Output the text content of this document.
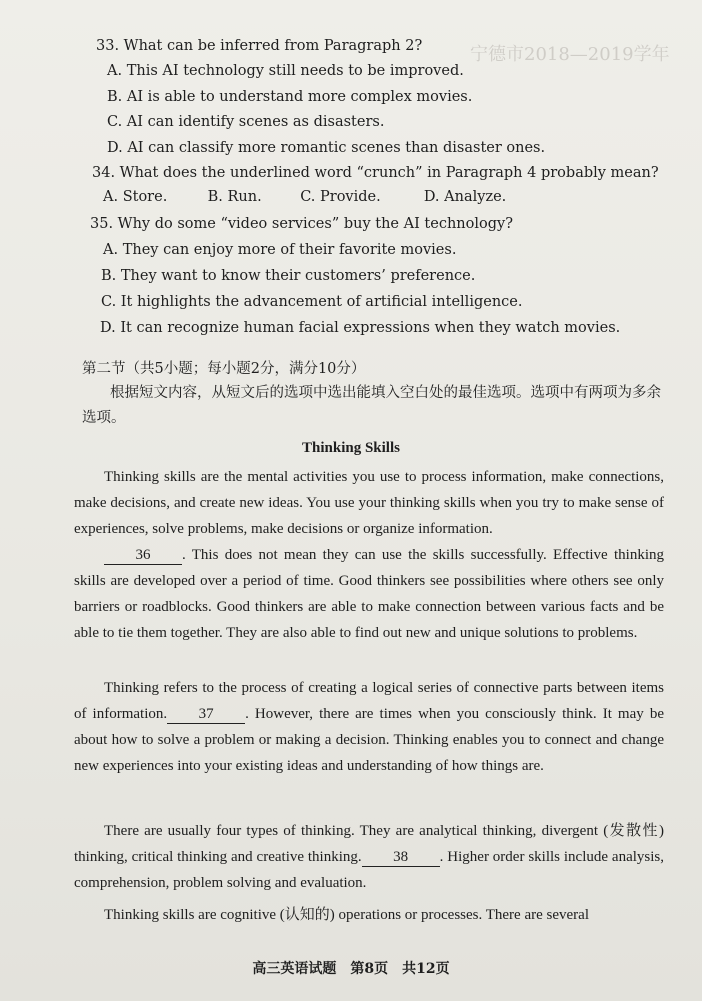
宁德市2018—2019学年
33. What can be inferred from Paragraph 2?
A. This AI technology still needs to be improved.
B. AI is able to understand more complex movies.
C. AI can identify scenes as disasters.
D. AI can classify more romantic scenes than disaster ones.
34. What does the underlined word “crunch” in Paragraph 4 probably mean?
A. Store.	B. Run.	C. Provide.	D. Analyze.
35. Why do some “video services” buy the AI technology?
A. They can enjoy more of their favorite movies.
B. They want to know their customers’ preference.
C. It highlights the advancement of artificial intelligence.
D. It can recognize human facial expressions when they watch movies.
第二节（共5小题；每小题2分，满分10分）
根据短文内容，从短文后的选项中选出能填入空白处的最佳选项。选项中有两项为多余选项。
Thinking Skills
Thinking skills are the mental activities you use to process information, make connections, make decisions, and create new ideas. You use your thinking skills when you try to make sense of experiences, solve problems, make decisions or organize information.
36 . This does not mean they can use the skills successfully. Effective thinking skills are developed over a period of time. Good thinkers see possibilities where others see only barriers or roadblocks. Good thinkers are able to make connection between various facts and be able to tie them together. They are also able to find out new and unique solutions to problems.
Thinking refers to the process of creating a logical series of connective parts between items of information. 37 . However, there are times when you consciously think. It may be about how to solve a problem or making a decision. Thinking enables you to connect and change new experiences into your existing ideas and understanding of how things are.
There are usually four types of thinking. They are analytical thinking, divergent (发散性) thinking, critical thinking and creative thinking. 38 . Higher order skills include analysis, comprehension, problem solving and evaluation.
Thinking skills are cognitive (认知的) operations or processes. There are several
高三英语试题　第8页　共12页
